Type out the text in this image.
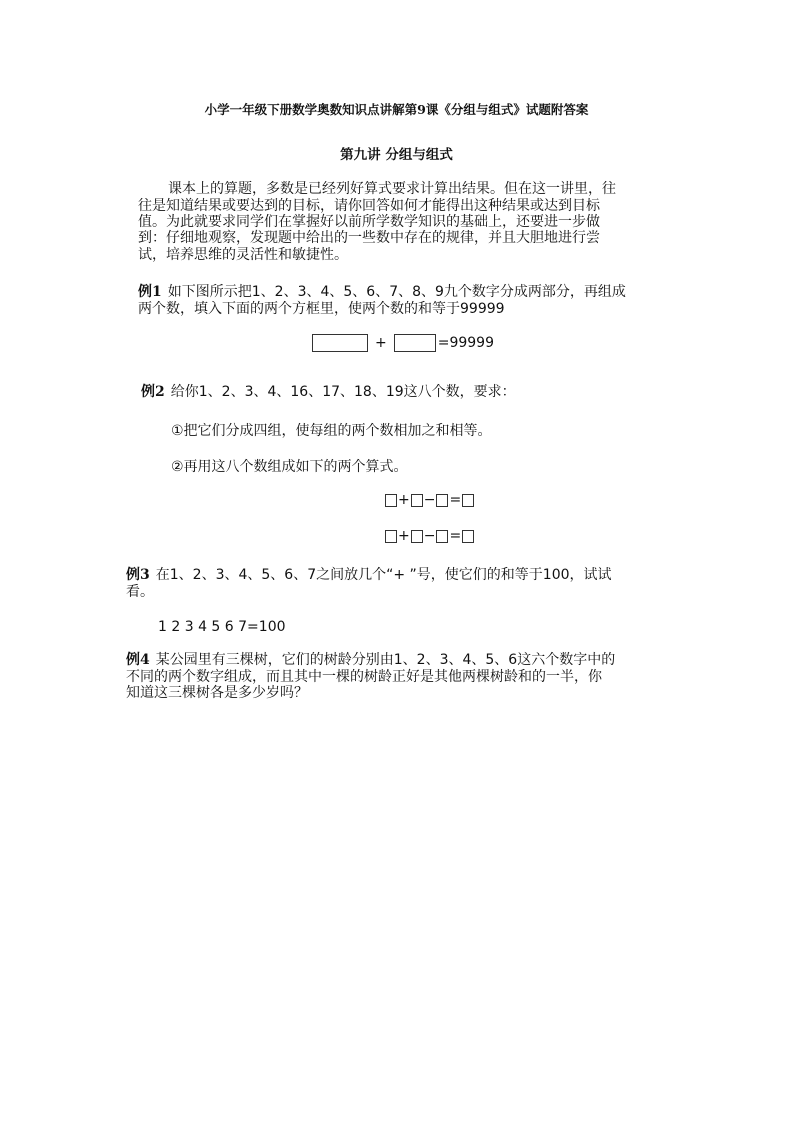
小学一年级下册数学奥数知识点讲解第9课《分组与组式》试题附答案
第九讲 分组与组式
课本上的算题，多数是已经列好算式要求计算出结果。但在这一讲里，往
往是知道结果或要达到的目标，请你回答如何才能得出这种结果或达到目标
值。为此就要求同学们在掌握好以前所学数学知识的基础上，还要进一步做
到：仔细地观察，发现题中给出的一些数中存在的规律，并且大胆地进行尝
试，培养思维的灵活性和敏捷性。
例1 如下图所示把1、2、3、4、5、6、7、8、9九个数字分成两部分，再组成
两个数，填入下面的两个方框里，使两个数的和等于99999
+	=99999
例2 给你1、2、3、4、16、17、18、19这八个数，要求：
①把它们分成四组，使每组的两个数相加之和相等。
②再用这八个数组成如下的两个算式。
+ − =
+ − =
例3 在1、2、3、4、5、6、7之间放几个“+ ”号，使它们的和等于100，试试
看。
1 2 3 4 5 6 7=100
例4 某公园里有三棵树，它们的树龄分别由1、2、3、4、5、6这六个数字中的
不同的两个数字组成，而且其中一棵的树龄正好是其他两棵树龄和的一半，你
知道这三棵树各是多少岁吗？
